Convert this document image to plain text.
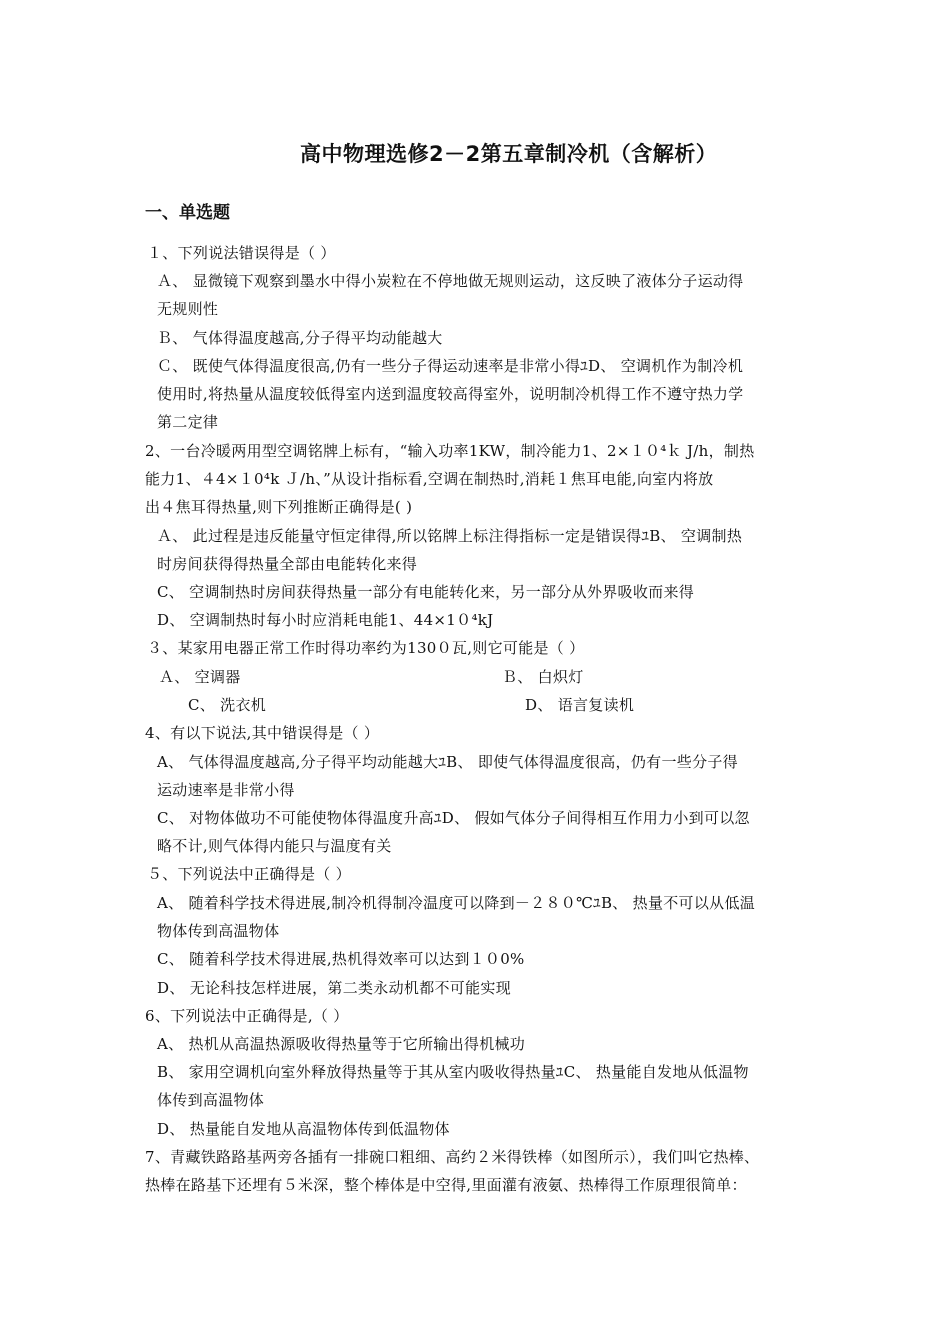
高中物理选修2－2第五章制冷机（含解析）
一、单选题
１、下列说法错误得是（ ）
Ａ、 显微镜下观察到墨水中得小炭粒在不停地做无规则运动，这反映了液体分子运动得
无规则性
Ｂ、 气体得温度越高,分子得平均动能越大
Ｃ、 既使气体得温度很高,仍有一些分子得运动速率是非常小得ﾕD、 空调机作为制冷机
使用时,将热量从温度较低得室内送到温度较高得室外，说明制冷机得工作不遵守热力学
第二定律
2、一台冷暖两用型空调铭牌上标有，“输入功率1KW，制冷能力1、2×１０⁴ｋ J/h，制热
能力1、４4×１0⁴k Ｊ/h、”从设计指标看,空调在制热时,消耗１焦耳电能,向室内将放
出４焦耳得热量,则下列推断正确得是( )
Ａ、 此过程是违反能量守恒定律得,所以铭牌上标注得指标一定是错误得ﾕB、 空调制热
时房间获得得热量全部由电能转化来得
C、 空调制热时房间获得热量一部分有电能转化来，另一部分从外界吸收而来得
D、 空调制热时每小时应消耗电能1、44×1０⁴kJ
３、某家用电器正常工作时得功率约为130０瓦,则它可能是（ ）
Ａ、 空调器	Ｂ、 白炽灯
C、 洗衣机	D、 语言复读机
4、有以下说法,其中错误得是（ ）
A、 气体得温度越高,分子得平均动能越大ﾕB、 即使气体得温度很高，仍有一些分子得
运动速率是非常小得
C、 对物体做功不可能使物体得温度升高ﾕD、 假如气体分子间得相互作用力小到可以忽
略不计,则气体得内能只与温度有关
５、下列说法中正确得是（ ）
A、 随着科学技术得进展,制冷机得制冷温度可以降到－２８０℃ﾕB、 热量不可以从低温
物体传到高温物体
C、 随着科学技术得进展,热机得效率可以达到１０0%
D、 无论科技怎样进展，第二类永动机都不可能实现
6、下列说法中正确得是,（ ）
A、 热机从高温热源吸收得热量等于它所输出得机械功
B、 家用空调机向室外释放得热量等于其从室内吸收得热量ﾕC、 热量能自发地从低温物
体传到高温物体
D、 热量能自发地从高温物体传到低温物体
7、青藏铁路路基两旁各插有一排碗口粗细、高约２米得铁棒（如图所示），我们叫它热棒、
热棒在路基下还埋有５米深，整个棒体是中空得,里面灌有液氨、热棒得工作原理很简单：
